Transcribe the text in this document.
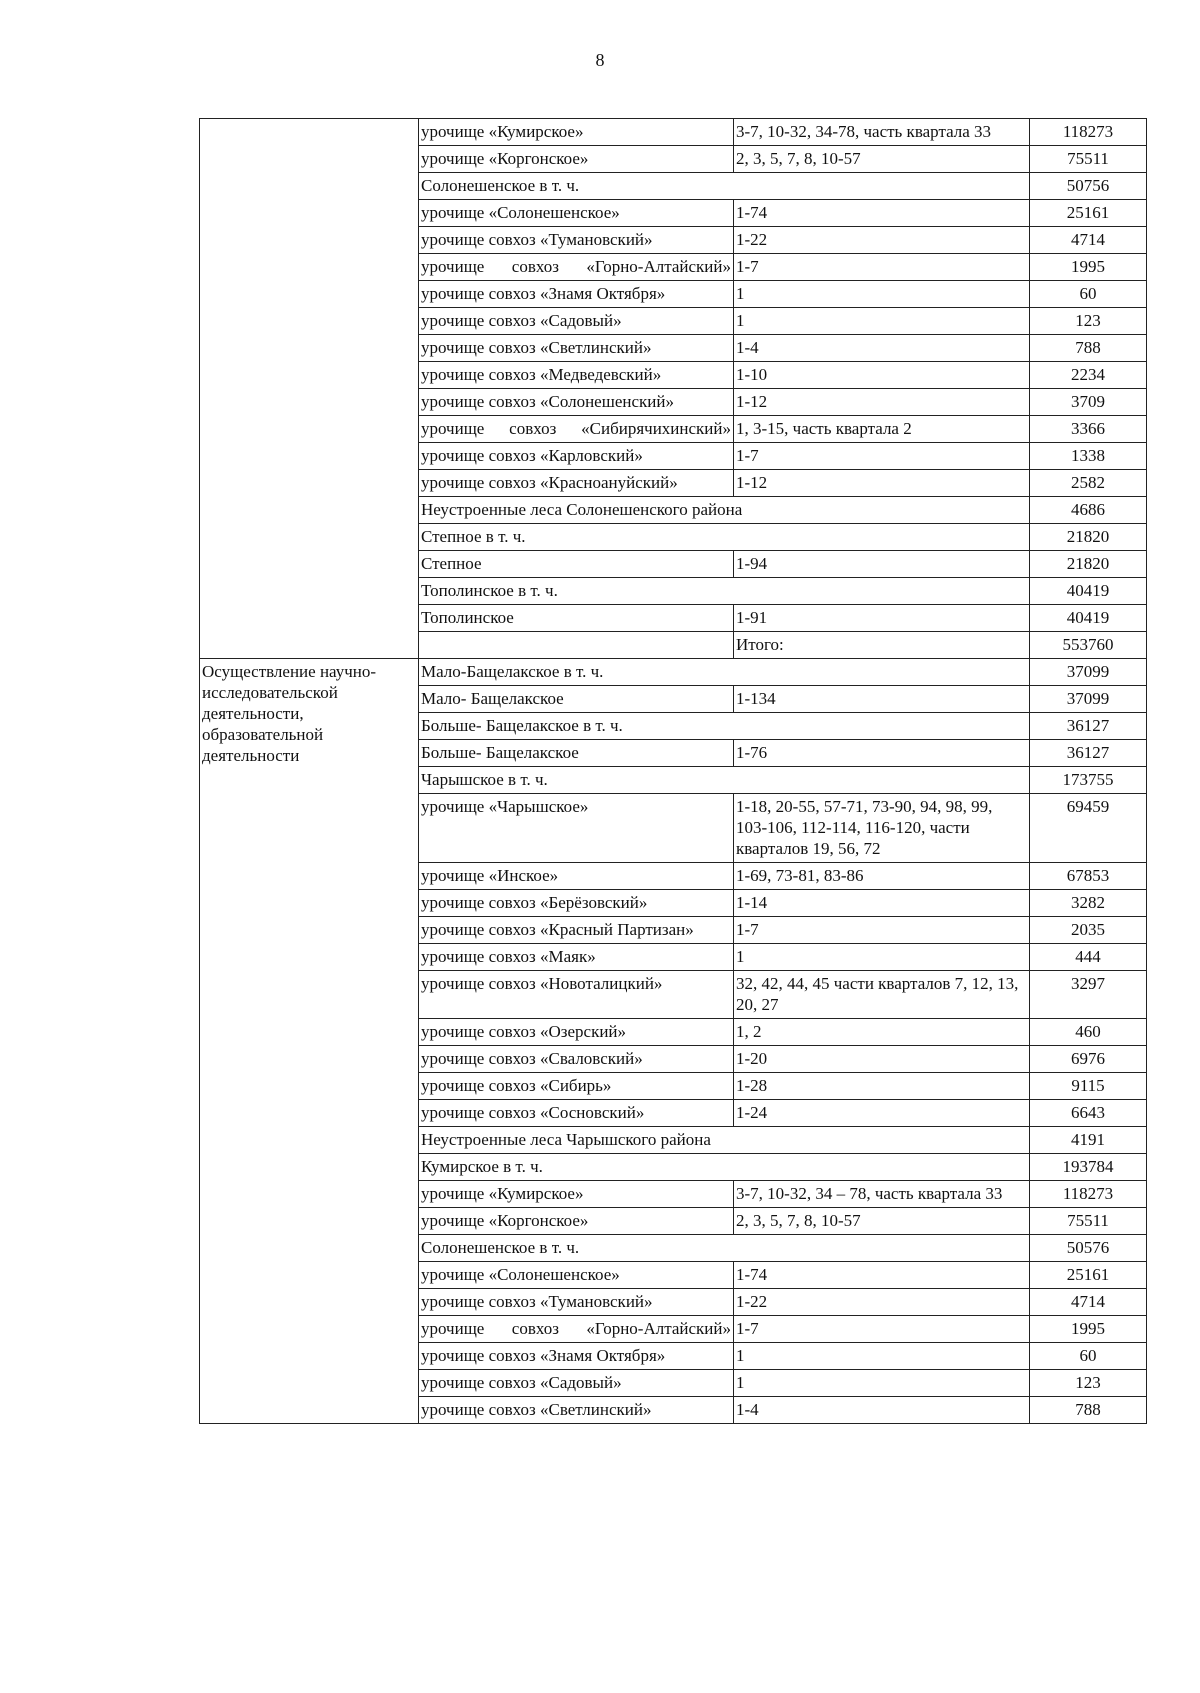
8
	урочище «Кумирское»	3-7, 10-32, 34-78, часть квартала 33	118273
	урочище «Коргонское»	2, 3, 5, 7, 8, 10-57	75511
	Солонешенское в т. ч.		50756
	урочище «Солонешенское»	1-74	25161
	урочище совхоз «Тумановский»	1-22	4714
	урочище совхоз «Горно-Алтайский»	1-7	1995
	урочище совхоз «Знамя Октября»	1	60
	урочище совхоз «Садовый»	1	123
	урочище совхоз «Светлинский»	1-4	788
	урочище совхоз «Медведевский»	1-10	2234
	урочище совхоз «Солонешенский»	1-12	3709
	урочище совхоз «Сибирячихинский»	1, 3-15, часть квартала 2	3366
	урочище совхоз «Карловский»	1-7	1338
	урочище совхоз «Красноануйский»	1-12	2582
	Неустроенные леса Солонешенского района		4686
	Степное в т. ч.		21820
	Степное	1-94	21820
	Тополинское в т. ч.		40419
	Тополинское	1-91	40419
		Итого:	553760
Осуществление научно-исследовательской деятельности, образовательной деятельности	Мало-Бащелакское в т. ч.		37099
	Мало- Бащелакское	1-134	37099
	Больше- Бащелакское в т. ч.		36127
	Больше- Бащелакское	1-76	36127
	Чарышское в т. ч.		173755
	урочище «Чарышское»	1-18, 20-55, 57-71, 73-90, 94, 98, 99, 103-106, 112-114, 116-120, части кварталов 19, 56, 72	69459
	урочище «Инское»	1-69, 73-81, 83-86	67853
	урочище совхоз «Берёзовский»	1-14	3282
	урочище совхоз «Красный Партизан»	1-7	2035
	урочище совхоз «Маяк»	1	444
	урочище совхоз «Новоталицкий»	32, 42, 44, 45 части кварталов 7, 12, 13, 20, 27	3297
	урочище совхоз «Озерский»	1, 2	460
	урочище совхоз «Сваловский»	1-20	6976
	урочище совхоз «Сибирь»	1-28	9115
	урочище совхоз «Сосновский»	1-24	6643
	Неустроенные леса Чарышского района		4191
	Кумирское в т. ч.		193784
	урочище «Кумирское»	3-7, 10-32, 34 – 78, часть квартала 33	118273
	урочище «Коргонское»	2, 3, 5, 7, 8, 10-57	75511
	Солонешенское в т. ч.		50576
	урочище «Солонешенское»	1-74	25161
	урочище совхоз «Тумановский»	1-22	4714
	урочище совхоз «Горно-Алтайский»	1-7	1995
	урочище совхоз «Знамя Октября»	1	60
	урочище совхоз «Садовый»	1	123
	урочище совхоз «Светлинский»	1-4	788
